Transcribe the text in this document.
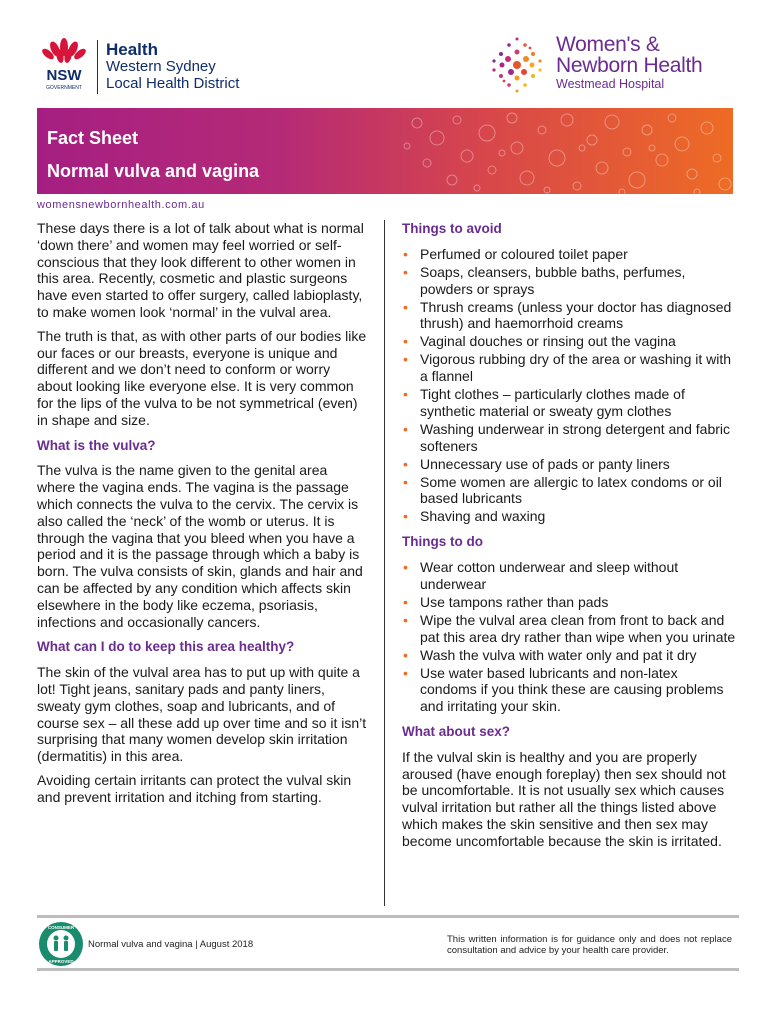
NSW
GOVERNMENT
Health
Western Sydney
Local Health District
Women's &
Newborn Health
Westmead Hospital
Fact Sheet
Normal vulva and vagina
womensnewbornhealth.com.au

These days there is a lot of talk about what is normal ‘down there’ and women may feel worried or self-conscious that they look different to other women in this area. Recently, cosmetic and plastic surgeons have even started to offer surgery, called labioplasty, to make women look ‘normal’ in the vulval area.

The truth is that, as with other parts of our bodies like our faces or our breasts, everyone is unique and different and we don’t need to conform or worry about looking like everyone else. It is very common for the lips of the vulva to be not symmetrical (even) in shape and size.

What is the vulva?

The vulva is the name given to the genital area where the vagina ends. The vagina is the passage which connects the vulva to the cervix. The cervix is also called the ‘neck’ of the womb or uterus. It is through the vagina that you bleed when you have a period and it is the passage through which a baby is born. The vulva consists of skin, glands and hair and can be affected by any condition which affects skin elsewhere in the body like eczema, psoriasis, infections and occasionally cancers.

What can I do to keep this area healthy?

The skin of the vulval area has to put up with quite a lot! Tight jeans, sanitary pads and panty liners, sweaty gym clothes, soap and lubricants, and of course sex – all these add up over time and so it isn’t surprising that many women develop skin irritation (dermatitis) in this area.

Avoiding certain irritants can protect the vulval skin and prevent irritation and itching from starting.

Things to avoid
• Perfumed or coloured toilet paper
• Soaps, cleansers, bubble baths, perfumes, powders or sprays
• Thrush creams (unless your doctor has diagnosed thrush) and haemorrhoid creams
• Vaginal douches or rinsing out the vagina
• Vigorous rubbing dry of the area or washing it with a flannel
• Tight clothes – particularly clothes made of synthetic material or sweaty gym clothes
• Washing underwear in strong detergent and fabric softeners
• Unnecessary use of pads or panty liners
• Some women are allergic to latex condoms or oil based lubricants
• Shaving and waxing
Things to do
• Wear cotton underwear and sleep without underwear
• Use tampons rather than pads
• Wipe the vulval area clean from front to back and pat this area dry rather than wipe when you urinate
• Wash the vulva with water only and pat it dry
• Use water based lubricants and non-latex condoms if you think these are causing problems and irritating your skin.
What about sex?

If the vulval skin is healthy and you are properly aroused (have enough foreplay) then sex should not be uncomfortable. It is not usually sex which causes vulval irritation but rather all the things listed above which makes the skin sensitive and then sex may become uncomfortable because the skin is irritated.

CONSUMER
APPROVED
Normal vulva and vagina | August 2018	This written information is for guidance only and does not replace consultation and advice by your health care provider.
